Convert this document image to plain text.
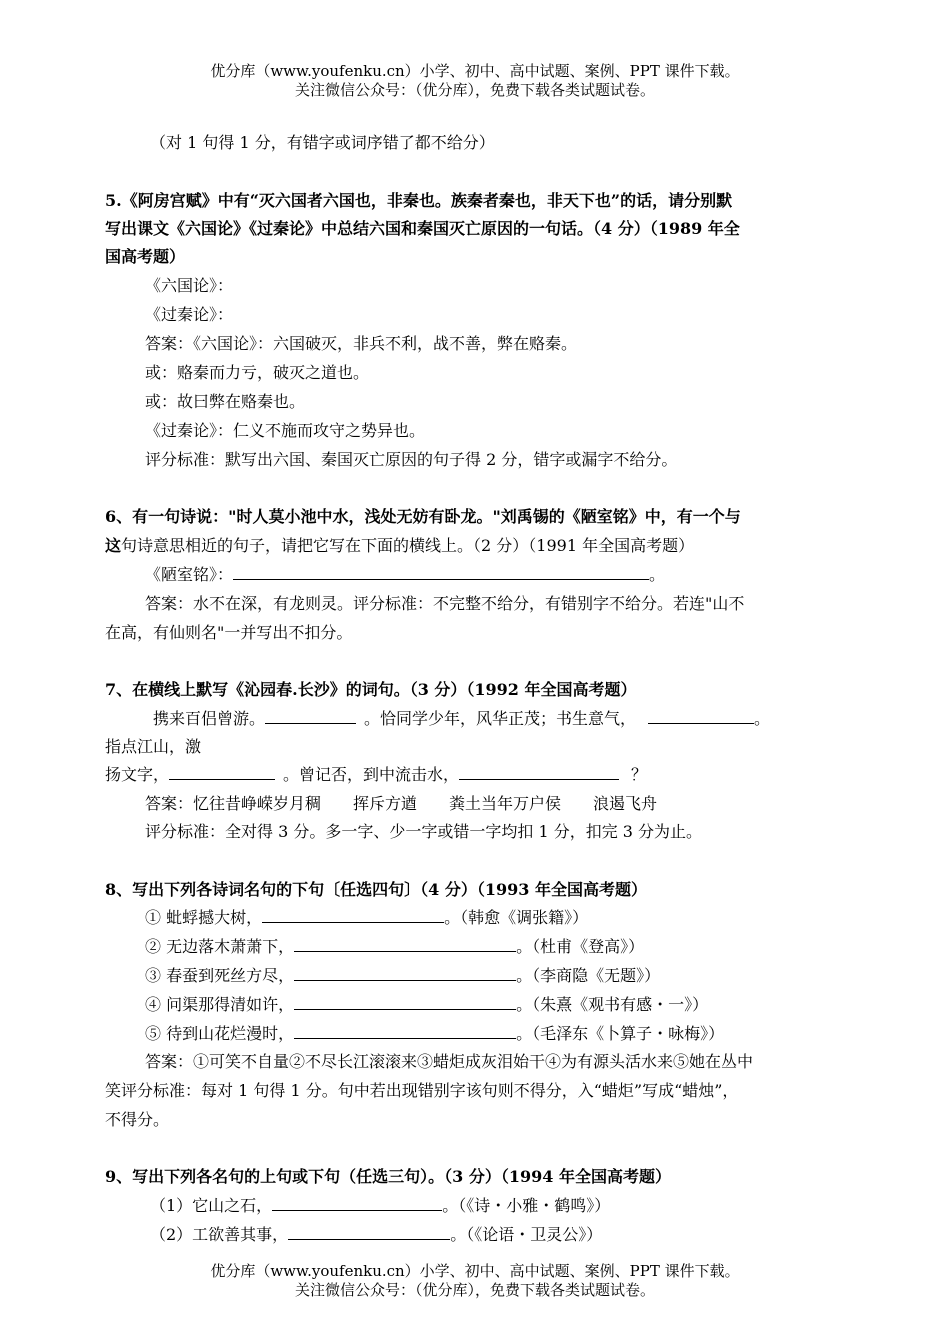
优分库（www.youfenku.cn）小学、初中、高中试题、案例、PPT 课件下载。
关注微信公众号：（优分库），免费下载各类试题试卷。
（对 1 句得 1 分，有错字或词序错了都不给分）
5.《阿房宫赋》中有“灭六国者六国也，非秦也。族秦者秦也，非天下也”的话，请分别默
写出课文《六国论》《过秦论》中总结六国和秦国灭亡原因的一句话。（4 分）（1989 年全
国高考题）
《六国论》：
《过秦论》：
答案：《六国论》：六国破灭，非兵不利，战不善，弊在赂秦。
或：赂秦而力亏，破灭之道也。
或：故曰弊在赂秦也。
《过秦论》：仁义不施而攻守之势异也。
评分标准：默写出六国、秦国灭亡原因的句子得 2 分，错字或漏字不给分。
6、有一句诗说："时人莫小池中水，浅处无妨有卧龙。"刘禹锡的《陋室铭》中，有一个与
这句诗意思相近的句子，请把它写在下面的横线上。（2 分）（1991 年全国高考题）
《陋室铭》：	。
答案：水不在深，有龙则灵。评分标准：不完整不给分，有错别字不给分。若连"山不
在高，有仙则名"一并写出不扣分。
7、在横线上默写《沁园春.长沙》的词句。（3 分）（1992 年全国高考题）
携来百侣曾游。	。恰同学少年，风华正茂；书生意气，	。
指点江山，激
扬文字，	。曾记否，到中流击水，	？
答案：忆往昔峥嵘岁月稠　　挥斥方遒　　粪土当年万户侯　　浪遏飞舟
评分标准：全对得 3 分。多一字、少一字或错一字均扣 1 分，扣完 3 分为止。
8、写出下列各诗词名句的下句〔任选四句〕（4 分）（1993 年全国高考题）
① 蚍蜉撼大树，	。（韩愈《调张籍》）
② 无边落木萧萧下，	。（杜甫《登高》）
③ 春蚕到死丝方尽，	。（李商隐《无题》）
④ 问渠那得清如许，	。（朱熹《观书有感・一》）
⑤ 待到山花烂漫时，	。（毛泽东《卜算子・咏梅》）
答案：①可笑不自量②不尽长江滚滚来③蜡炬成灰泪始干④为有源头活水来⑤她在丛中
笑评分标准：每对 1 句得 1 分。句中若出现错别字该句则不得分，入“蜡炬”写成“蜡烛”，
不得分。
9、写出下列各名句的上句或下句（任选三句）。（3 分）（1994 年全国高考题）
（1）它山之石，	。（《诗・小雅・鹤鸣》）
（2）工欲善其事，	。（《论语・卫灵公》）
优分库（www.youfenku.cn）小学、初中、高中试题、案例、PPT 课件下载。
关注微信公众号：（优分库），免费下载各类试题试卷。
